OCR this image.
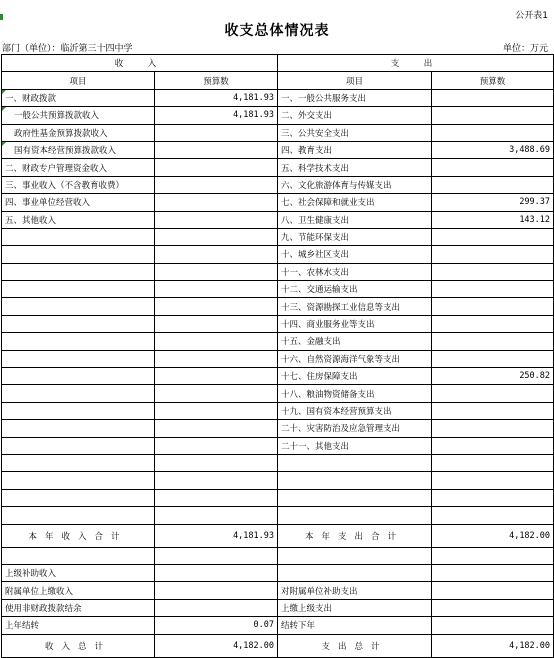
公开表1
收支总体情况表
部门（单位）：临沂第三十四中学	单位：万元
收　入		支　出	
项目	预算数	项目	预算数
一、财政拨款	4,181.93	一、一般公共服务支出	
一般公共预算拨款收入	4,181.93	二、外交支出	
政府性基金预算拨款收入		三、公共安全支出	
国有资本经营预算拨款收入		四、教育支出	3,488.69
二、财政专户管理资金收入		五、科学技术支出	
三、事业收入（不含教育收费）		六、文化旅游体育与传媒支出	
四、事业单位经营收入		七、社会保障和就业支出	299.37
五、其他收入		八、卫生健康支出	143.12
		九、节能环保支出	
		十、城乡社区支出	
		十一、农林水支出	
		十二、交通运输支出	
		十三、资源勘探工业信息等支出	
		十四、商业服务业等支出	
		十五、金融支出	
		十六、自然资源海洋气象等支出	
		十七、住房保障支出	250.82
		十八、粮油物资储备支出	
		十九、国有资本经营预算支出	
		二十、灾害防治及应急管理支出	
		二十一、其他支出	

本年收入合计	4,181.93	本年支出合计	4,182.00

上级补助收入			
附属单位上缴收入		对附属单位补助支出	
使用非财政拨款结余		上缴上级支出	
上年结转	0.07	结转下年	
收入总计	4,182.00	支出总计	4,182.00
